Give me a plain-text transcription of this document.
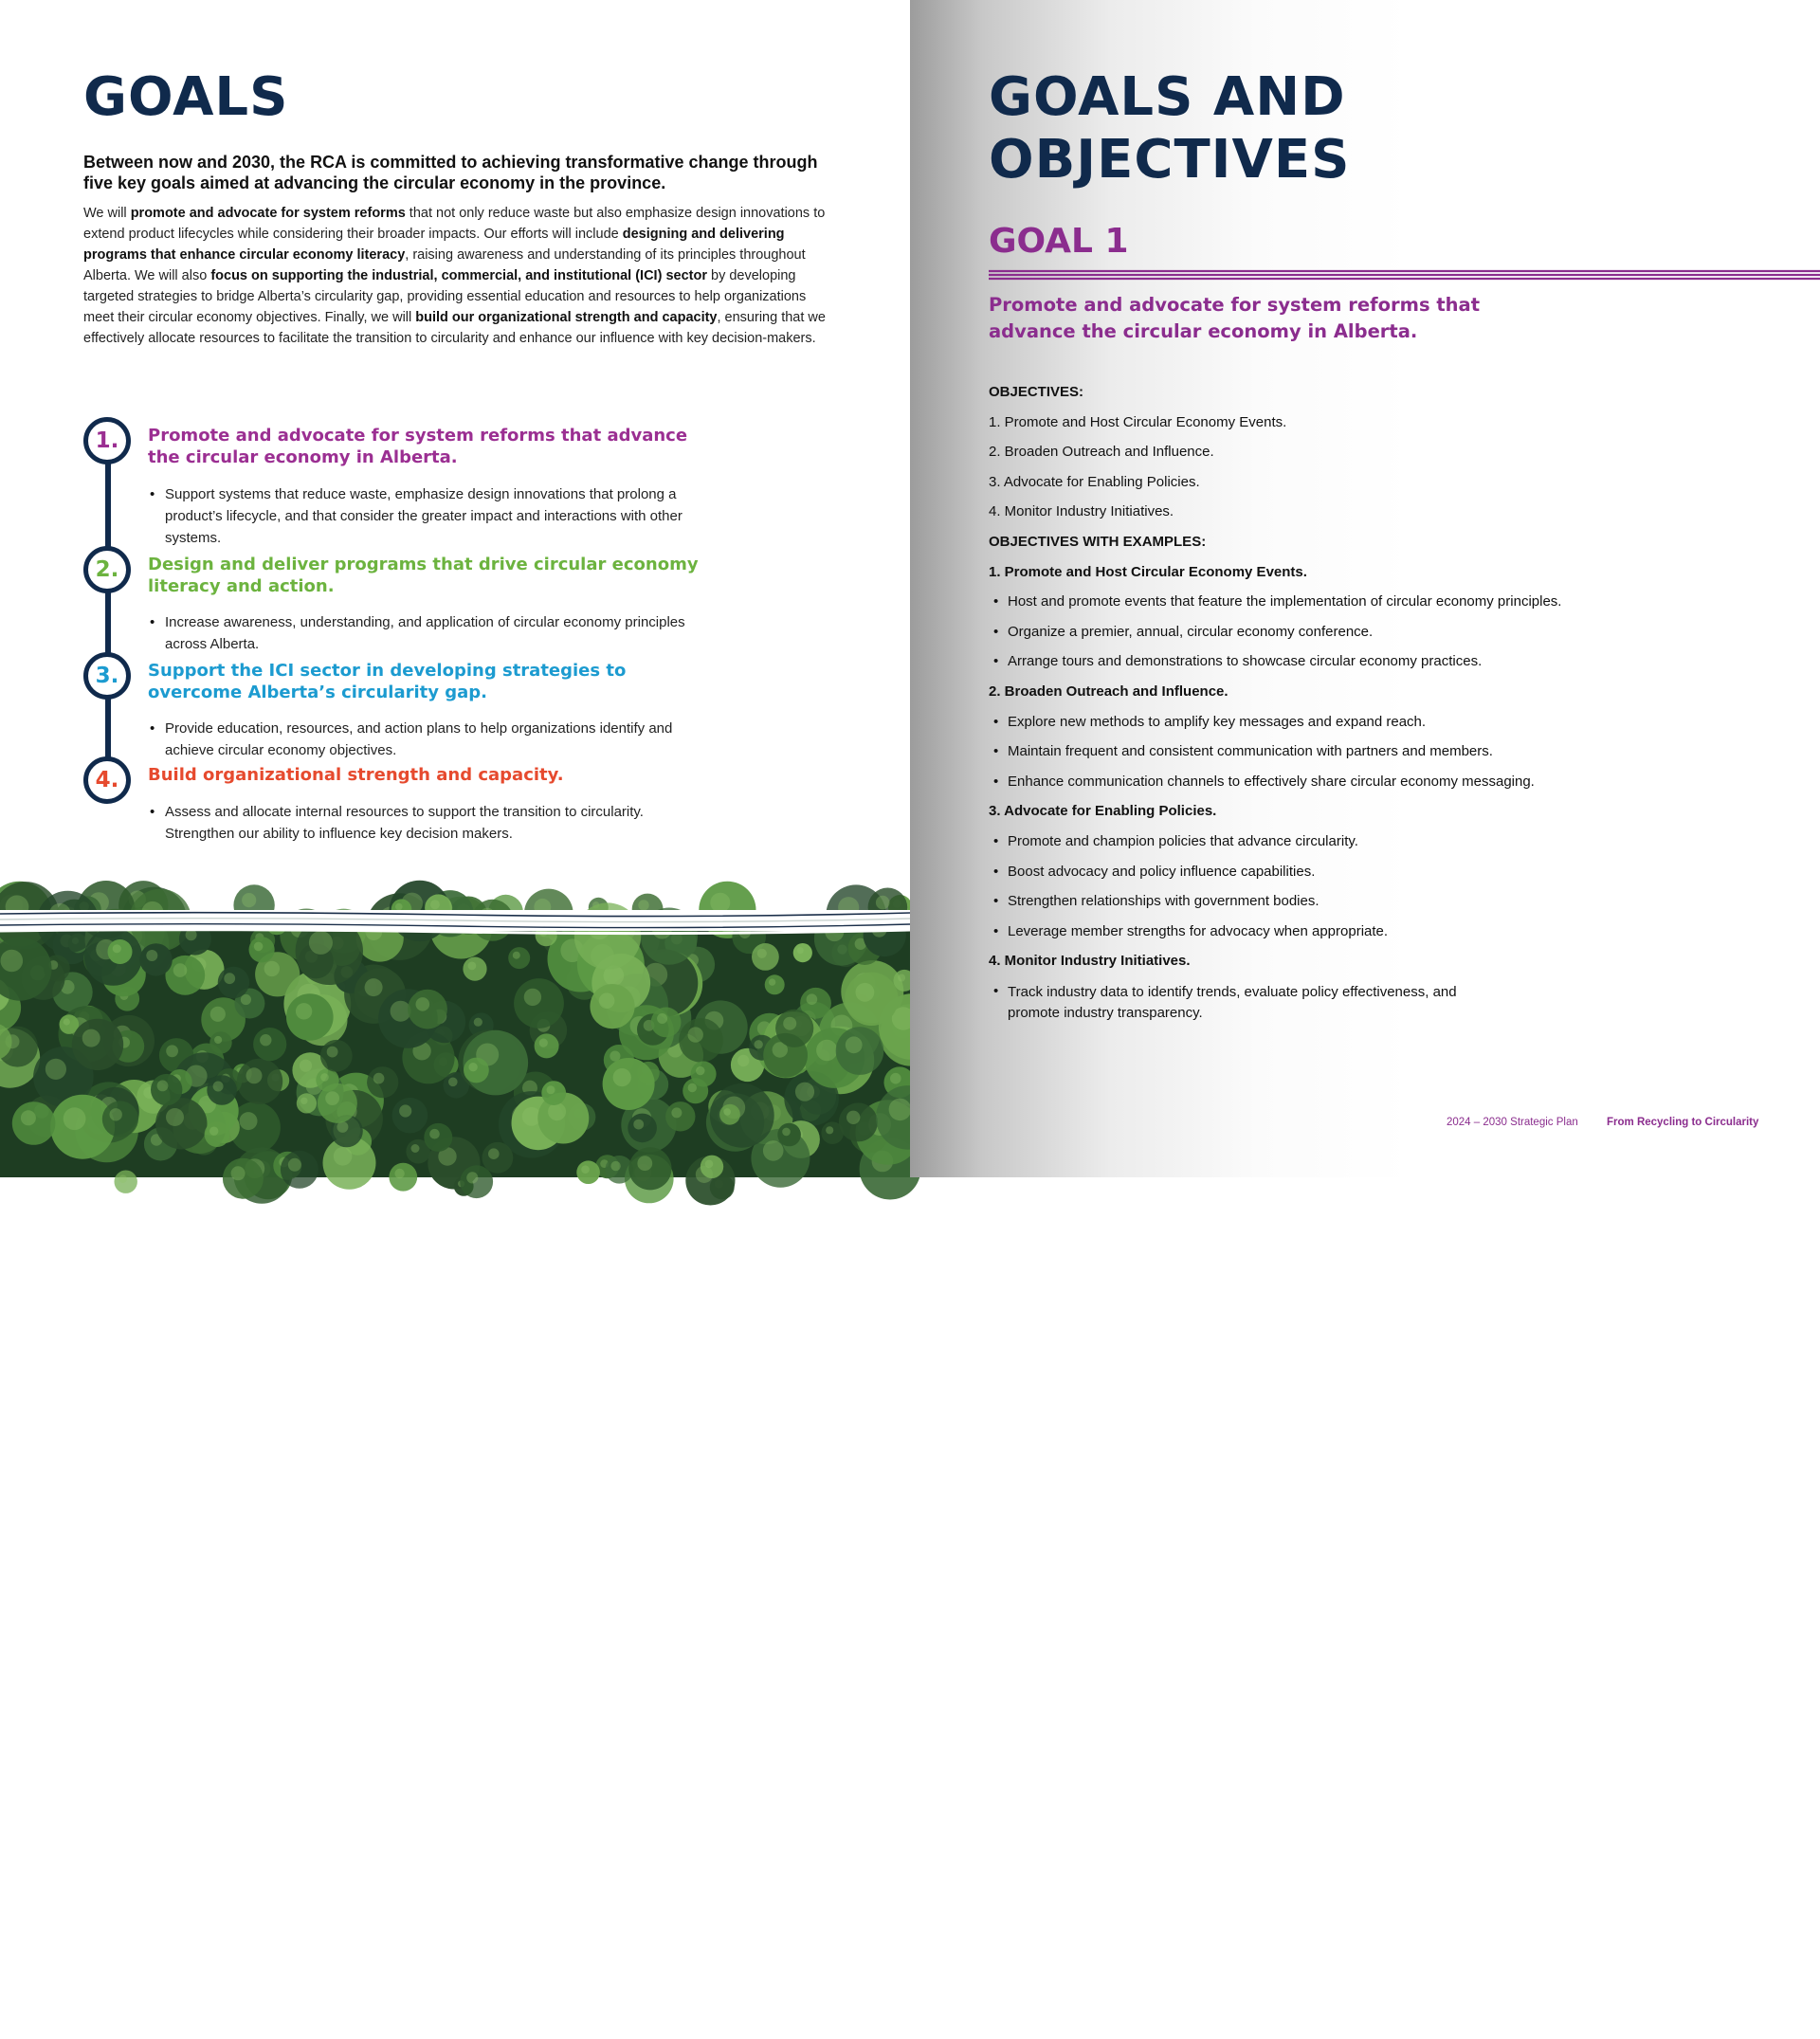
GOALS

Between now and 2030, the RCA is committed to achieving transformative change through five key goals aimed at advancing the circular economy in the province.

We will promote and advocate for system reforms that not only reduce waste but also emphasize design innovations to extend product lifecycles while considering their broader impacts. Our efforts will include designing and delivering programs that enhance circular economy literacy, raising awareness and understanding of its principles throughout Alberta. We will also focus on supporting the industrial, commercial, and institutional (ICI) sector by developing targeted strategies to bridge Alberta’s circularity gap, providing essential education and resources to help organizations meet their circular economy objectives. Finally, we will build our organizational strength and capacity, ensuring that we effectively allocate resources to facilitate the transition to circularity and enhance our influence with key decision-makers.

1.	Promote and advocate for system reforms that advance the circular economy in Alberta.
• Support systems that reduce waste, emphasize design innovations that prolong a product’s lifecycle, and that consider the greater impact and interactions with other systems.
2.	Design and deliver programs that drive circular economy literacy and action.
• Increase awareness, understanding, and application of circular economy principles across Alberta.
3.	Support the ICI sector in developing strategies to overcome Alberta’s circularity gap.
• Provide education, resources, and action plans to help organizations identify and achieve circular economy objectives.
4.	Build organizational strength and capacity.
• Assess and allocate internal resources to support the transition to circularity. Strengthen our ability to influence key decision makers.
Recycling Council of Alberta
GOALS AND
OBJECTIVES
GOAL 1
Promote and advocate for system reforms that advance the circular economy in Alberta.
OBJECTIVES:
1. Promote and Host Circular Economy Events.
2. Broaden Outreach and Influence.
3. Advocate for Enabling Policies.
4. Monitor Industry Initiatives.
OBJECTIVES WITH EXAMPLES:
1. Promote and Host Circular Economy Events.
• Host and promote events that feature the implementation of circular economy principles.
• Organize a premier, annual, circular economy conference.
• Arrange tours and demonstrations to showcase circular economy practices.
2. Broaden Outreach and Influence.
• Explore new methods to amplify key messages and expand reach.
• Maintain frequent and consistent communication with partners and members.
• Enhance communication channels to effectively share circular economy messaging.
3. Advocate for Enabling Policies.
• Promote and champion policies that advance circularity.
• Boost advocacy and policy influence capabilities.
• Strengthen relationships with government bodies.
• Leverage member strengths for advocacy when appropriate.
4. Monitor Industry Initiatives.
• Track industry data to identify trends, evaluate policy effectiveness, and promote industry transparency.
2024 – 2030 Strategic Plan	From Recycling to Circularity
